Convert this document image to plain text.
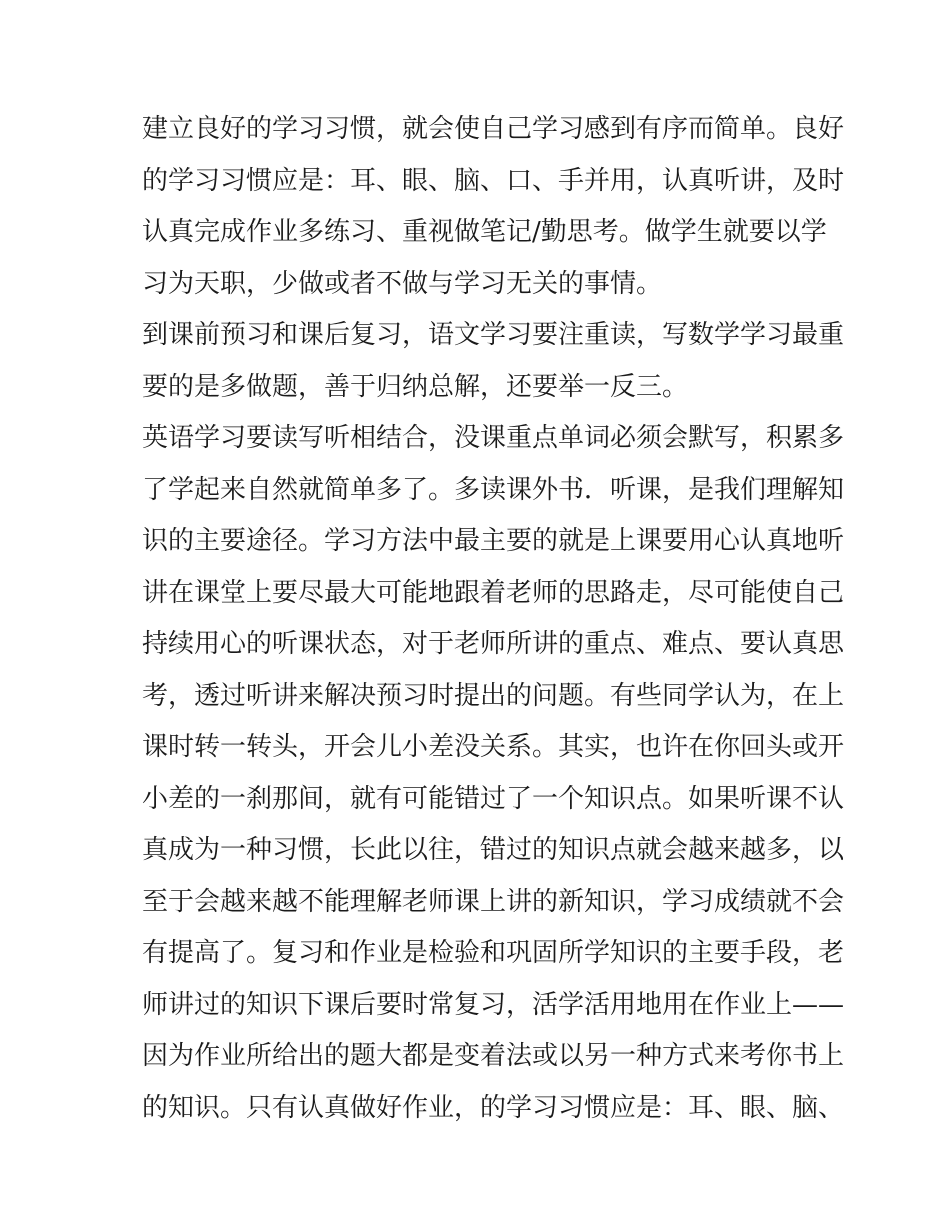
建立良好的学习习惯，就会使自己学习感到有序而简单。良好
的学习习惯应是：耳、眼、脑、口、手并用，认真听讲，及时
认真完成作业多练习、重视做笔记/勤思考。做学生就要以学
习为天职，少做或者不做与学习无关的事情。
到课前预习和课后复习，语文学习要注重读，写数学学习最重
要的是多做题，善于归纳总解，还要举一反三。
英语学习要读写听相结合，没课重点单词必须会默写，积累多
了学起来自然就简单多了。多读课外书．听课，是我们理解知
识的主要途径。学习方法中最主要的就是上课要用心认真地听
讲在课堂上要尽最大可能地跟着老师的思路走，尽可能使自己
持续用心的听课状态，对于老师所讲的重点、难点、要认真思
考，透过听讲来解决预习时提出的问题。有些同学认为，在上
课时转一转头，开会儿小差没关系。其实，也许在你回头或开
小差的一刹那间，就有可能错过了一个知识点。如果听课不认
真成为一种习惯，长此以往，错过的知识点就会越来越多，以
至于会越来越不能理解老师课上讲的新知识，学习成绩就不会
有提高了。复习和作业是检验和巩固所学知识的主要手段，老
师讲过的知识下课后要时常复习，活学活用地用在作业上——
因为作业所给出的题大都是变着法或以另一种方式来考你书上
的知识。只有认真做好作业，的学习习惯应是：耳、眼、脑、
